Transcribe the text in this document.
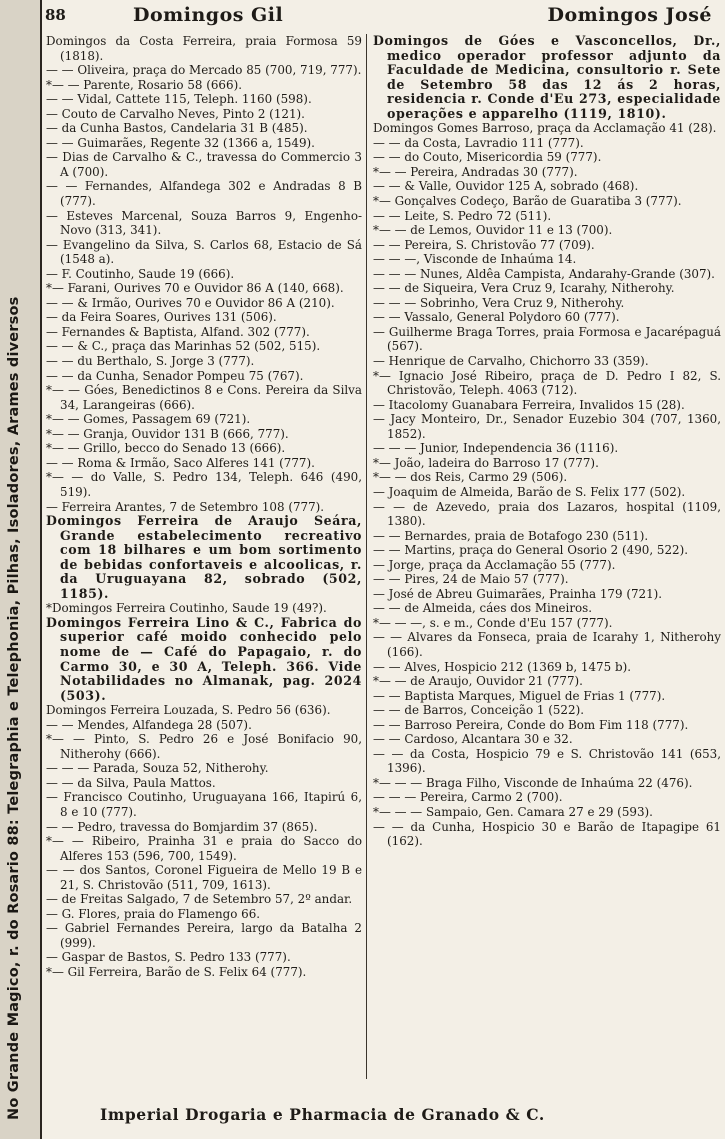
No Grande Magico, r. do Rosario 88: Telegraphia e Telephonia, Pilhas, Isoladores, Arames diversos
88	Domingos Gil	Domingos José
Domingos da Costa Ferreira, praia Formosa 59 (1818).
— — Oliveira, praça do Mercado 85 (700, 719, 777).
*— — Parente, Rosario 58 (666).
— — Vidal, Cattete 115, Teleph. 1160 (598).
— Couto de Carvalho Neves, Pinto 2 (121).
— da Cunha Bastos, Candelaria 31 B (485).
— — Guimarães, Regente 32 (1366 a, 1549).
— Dias de Carvalho & C., travessa do Commercio 3 A (700).
— — Fernandes, Alfandega 302 e Andradas 8 B (777).
— Esteves Marcenal, Souza Barros 9, Engenho-Novo (313, 341).
— Evangelino da Silva, S. Carlos 68, Estacio de Sá (1548 a).
— F. Coutinho, Saude 19 (666).
*— Farani, Ourives 70 e Ouvidor 86 A (140, 668).
— — & Irmão, Ourives 70 e Ouvidor 86 A (210).
— da Feira Soares, Ourives 131 (506).
— Fernandes & Baptista, Alfand. 302 (777).
— — & C., praça das Marinhas 52 (502, 515).
— — du Berthalo, S. Jorge 3 (777).
— — da Cunha, Senador Pompeu 75 (767).
*— — Góes, Benedictinos 8 e Cons. Pereira da Silva 34, Larangeiras (666).
*— — Gomes, Passagem 69 (721).
*— — Granja, Ouvidor 131 B (666, 777).
*— — Grillo, becco do Senado 13 (666).
— — Roma & Irmão, Saco Alferes 141 (777).
*— — do Valle, S. Pedro 134, Teleph. 646 (490, 519).
— Ferreira Arantes, 7 de Setembro 108 (777).
Domingos Ferreira de Araujo Seára, Grande estabelecimento recreativo com 18 bilhares e um bom sortimento de bebidas confortaveis e alcoolicas, r. da Uruguayana 82, sobrado (502, 1185).
*Domingos Ferreira Coutinho, Saude 19 (49?).
Domingos Ferreira Lino & C., Fabrica do superior café moido conhecido pelo nome de — Café do Papagaio, r. do Carmo 30, e 30 A, Teleph. 366. Vide Notabilidades no Almanak, pag. 2024 (503).
Domingos Ferreira Louzada, S. Pedro 56 (636).
— — Mendes, Alfandega 28 (507).
*— — Pinto, S. Pedro 26 e José Bonifacio 90, Nitherohy (666).
— — — Parada, Souza 52, Nitherohy.
— — da Silva, Paula Mattos.
— Francisco Coutinho, Uruguayana 166, Itapirú 6, 8 e 10 (777).
— — Pedro, travessa do Bomjardim 37 (865).
*— — Ribeiro, Prainha 31 e praia do Sacco do Alferes 153 (596, 700, 1549).
— — dos Santos, Coronel Figueira de Mello 19 B e 21, S. Christovão (511, 709, 1613).
— de Freitas Salgado, 7 de Setembro 57, 2º andar.
— G. Flores, praia do Flamengo 66.
— Gabriel Fernandes Pereira, largo da Batalha 2 (999).
— Gaspar de Bastos, S. Pedro 133 (777).
*— Gil Ferreira, Barão de S. Felix 64 (777).
Domingos de Góes e Vasconcellos, Dr., medico operador professor adjunto da Faculdade de Medicina, consultorio r. Sete de Setembro 58 das 12 ás 2 horas, residencia r. Conde d'Eu 273, especialidade operações e apparelho (1119, 1810).
Domingos Gomes Barroso, praça da Acclamação 41 (28).
— — da Costa, Lavradio 111 (777).
— — do Couto, Misericordia 59 (777).
*— — Pereira, Andradas 30 (777).
— — & Valle, Ouvidor 125 A, sobrado (468).
*— Gonçalves Codeço, Barão de Guaratiba 3 (777).
— — Leite, S. Pedro 72 (511).
*— — de Lemos, Ouvidor 11 e 13 (700).
— — Pereira, S. Christovão 77 (709).
— — —, Visconde de Inhaúma 14.
— — — Nunes, Aldêa Campista, Andarahy-Grande (307).
— — de Siqueira, Vera Cruz 9, Icarahy, Nitherohy.
— — — Sobrinho, Vera Cruz 9, Nitherohy.
— — Vassalo, General Polydoro 60 (777).
— Guilherme Braga Torres, praia Formosa e Jacarépaguá (567).
— Henrique de Carvalho, Chichorro 33 (359).
*— Ignacio José Ribeiro, praça de D. Pedro I 82, S. Christovão, Teleph. 4063 (712).
— Itacolomy Guanabara Ferreira, Invalidos 15 (28).
— Jacy Monteiro, Dr., Senador Euzebio 304 (707, 1360, 1852).
— — — Junior, Independencia 36 (1116).
*— João, ladeira do Barroso 17 (777).
*— — dos Reis, Carmo 29 (506).
— Joaquim de Almeida, Barão de S. Felix 177 (502).
— — de Azevedo, praia dos Lazaros, hospital (1109, 1380).
— — Bernardes, praia de Botafogo 230 (511).
— — Martins, praça do General Osorio 2 (490, 522).
— Jorge, praça da Acclamação 55 (777).
— — Pires, 24 de Maio 57 (777).
— José de Abreu Guimarães, Prainha 179 (721).
— — de Almeida, cáes dos Mineiros.
*— — —, s. e m., Conde d'Eu 157 (777).
— — Alvares da Fonseca, praia de Icarahy 1, Nitherohy (166).
— — Alves, Hospicio 212 (1369 b, 1475 b).
*— — de Araujo, Ouvidor 21 (777).
— — Baptista Marques, Miguel de Frias 1 (777).
— — de Barros, Conceição 1 (522).
— — Barroso Pereira, Conde do Bom Fim 118 (777).
— — Cardoso, Alcantara 30 e 32.
— — da Costa, Hospicio 79 e S. Christovão 141 (653, 1396).
*— — — Braga Filho, Visconde de Inhaúma 22 (476).
— — — Pereira, Carmo 2 (700).
*— — — Sampaio, Gen. Camara 27 e 29 (593).
— — da Cunha, Hospicio 30 e Barão de Itapagipe 61 (162).
Imperial Drogaria e Pharmacia de Granado & C.
